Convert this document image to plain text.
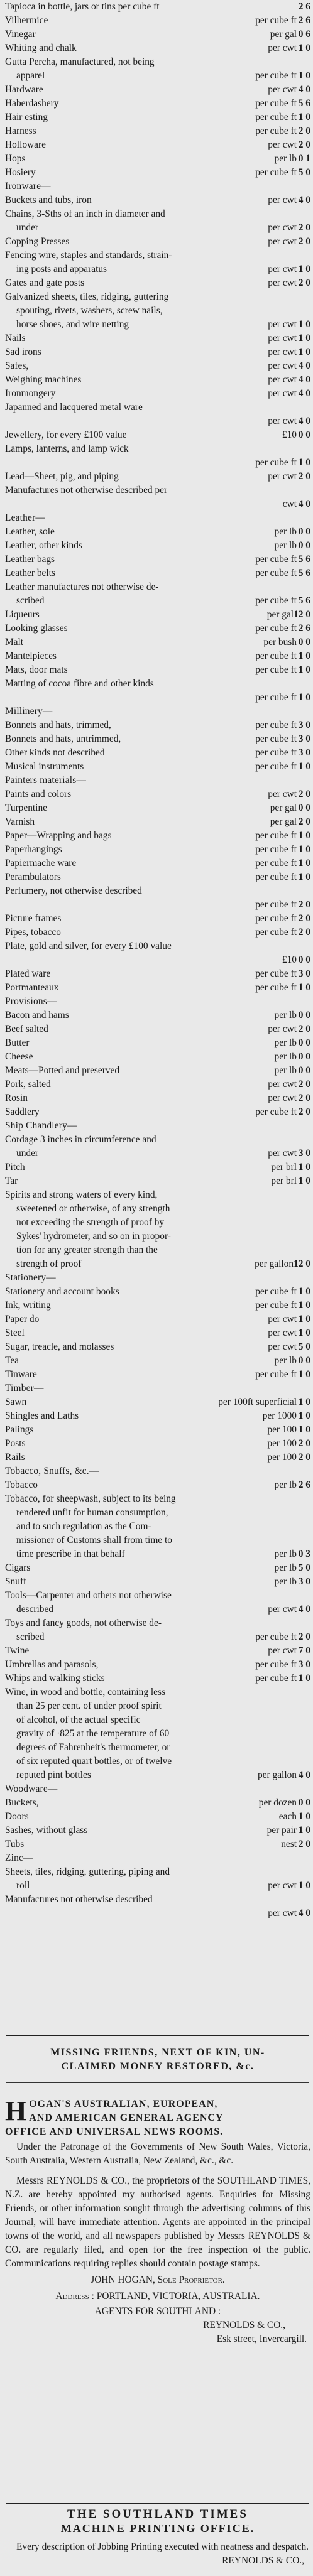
Tapioca in bottle, jars or tins per cube ft	2 6
Vilhermice	per cube ft 2 6
Vinegar	per gal 0 6
Whiting and chalk	per cwt 1 0
Gutta Percha, manufactured, not being
apparel	per cube ft 1 0
Hardware	per cwt 4 0
Haberdashery	per cube ft 5 6
Hair esting	per cube ft 1 0
Harness	per cube ft 2 0
Holloware	per cwt 2 0
Hops	per lb 0 1
Hosiery	per cube ft 5 0
Ironware—
Buckets and tubs, iron	per cwt 4 0
Chains, 3-Sths of an inch in diameter and
under	per cwt 2 0
Copping Presses	per cwt 2 0
Fencing wire, staples and standards, strain-
ing posts and apparatus	per cwt 1 0
Gates and gate posts	per cwt 2 0
Galvanized sheets, tiles, ridging, guttering
spouting, rivets, washers, screw nails,
horse shoes, and wire netting	per cwt 1 0
Nails	per cwt 1 0
Sad irons	per cwt 1 0
Safes,	per cwt 4 0
Weighing machines	per cwt 4 0
Ironmongery	per cwt 4 0
Japanned and lacquered metal ware
per cwt 4 0
Jewellery, for every £100 value	£10 0 0
Lamps, lanterns, and lamp wick
per cube ft 1 0
Lead—Sheet, pig, and piping	per cwt 2 0
Manufactures not otherwise described per
cwt 4 0
Leather—
Leather, sole	per lb 0 0
Leather, other kinds	per lb 0 0
Leather bags	per cube ft 5 6
Leather belts	per cube ft 5 6
Leather manufactures not otherwise de-
scribed	per cube ft 5 6
Liqueurs	per gal 12 0
Looking glasses	per cube ft 2 6
Malt	per bush 0 0
Mantelpieces	per cube ft 1 0
Mats, door mats	per cube ft 1 0
Matting of cocoa fibre and other kinds
per cube ft 1 0
Millinery—
Bonnets and hats, trimmed,	per cube ft 3 0
Bonnets and hats, untrimmed,	per cube ft 3 0
Other kinds not described	per cube ft 3 0
Musical instruments	per cube ft 1 0
Painters materials—
Paints and colors	per cwt 2 0
Turpentine	per gal 0 0
Varnish	per gal 2 0
Paper—Wrapping and bags	per cube ft 1 0
Paperhangings	per cube ft 1 0
Papiermache ware	per cube ft 1 0
Perambulators	per cube ft 1 0
Perfumery, not otherwise described
per cube ft 2 0
Picture frames	per cube ft 2 0
Pipes, tobacco	per cube ft 2 0
Plate, gold and silver, for every £100 value
£10 0 0
Plated ware	per cube ft 3 0
Portmanteaux	per cube ft 1 0
Provisions—
Bacon and hams	per lb 0 0
Beef salted	per cwt 2 0
Butter	per lb 0 0
Cheese	per lb 0 0
Meats—Potted and preserved	per lb 0 0
Pork, salted	per cwt 2 0
Rosin	per cwt 2 0
Saddlery	per cube ft 2 0
Ship Chandlery—
Cordage 3 inches in circumference and
under	per cwt 3 0
Pitch	per brl 1 0
Tar	per brl 1 0
Spirits and strong waters of every kind,
sweetened or otherwise, of any strength
not exceeding the strength of proof by
Sykes' hydrometer, and so on in propor-
tion for any greater strength than the
strength of proof	per gallon 12 0
Stationery—
Stationery and account books	per cube ft 1 0
Ink, writing	per cube ft 1 0
Paper do	per cwt 1 0
Steel	per cwt 1 0
Sugar, treacle, and molasses	per cwt 5 0
Tea	per lb 0 0
Tinware	per cube ft 1 0
Timber—
Sawn	per 100ft superficial 1 0
Shingles and Laths	per 1000 1 0
Palings	per 100 1 0
Posts	per 100 2 0
Rails	per 100 2 0
Tobacco, Snuffs, &c.—
Tobacco	per lb 2 6
Tobacco, for sheepwash, subject to its being
rendered unfit for human consumption,
and to such regulation as the Com-
missioner of Customs shall from time to
time prescribe in that behalf	per lb 0 3
Cigars	per lb 5 0
Snuff	per lb 3 0
Tools—Carpenter and others not otherwise
described	per cwt 4 0
Toys and fancy goods, not otherwise de-
scribed	per cube ft 2 0
Twine	per cwt 7 0
Umbrellas and parasols,	per cube ft 3 0
Whips and walking sticks	per cube ft 1 0
Wine, in wood and bottle, containing less
than 25 per cent. of under proof spirit
of alcohol, of the actual specific
gravity of ·825 at the temperature of 60
degrees of Fahrenheit's thermometer, or
of six reputed quart bottles, or of twelve
reputed pint bottles	per gallon 4 0
Woodware—
Buckets,	per dozen 0 0
Doors	each 1 0
Sashes, without glass	per pair 1 0
Tubs	nest 2 0
Zinc—
Sheets, tiles, ridging, guttering, piping and
roll	per cwt 1 0
Manufactures not otherwise described
per cwt 4 0
MISSING FRIENDS, NEXT OF KIN, UN-
CLAIMED MONEY RESTORED, &c.
H OGAN'S AUSTRALIAN, EUROPEAN,
AND AMERICAN GENERAL AGENCY
OFFICE AND UNIVERSAL NEWS ROOMS.
Under the Patronage of the Governments of New South Wales, Victoria, South Australia, Western Australia, New Zealand, &c., &c.
Messrs REYNOLDS & CO., the proprietors of the SOUTHLAND TIMES, N.Z. are hereby appointed my authorised agents. Enquiries for Missing Friends, or other information sought through the advertising columns of this Journal, will have immediate attention. Agents are appointed in the principal towns of the world, and all newspapers published by Messrs REYNOLDS & CO. are regularly filed, and open for the free inspection of the public. Communications requiring replies should contain postage stamps.
JOHN HOGAN, Sole Proprietor.
Address : PORTLAND, VICTORIA, AUSTRALIA.
AGENTS FOR SOUTHLAND :
REYNOLDS & CO.,
Esk street, Invercargill.
THE SOUTHLAND TIMES
MACHINE PRINTING OFFICE.
Every description of Jobbing Printing executed with neatness and despatch.
REYNOLDS & CO.,
